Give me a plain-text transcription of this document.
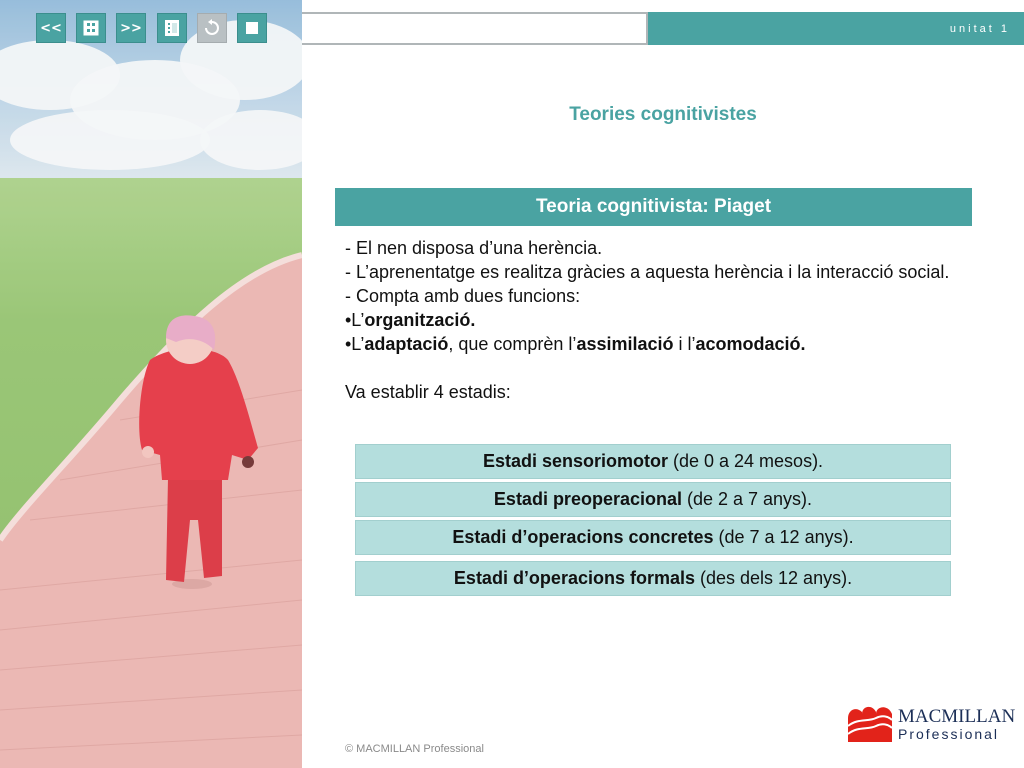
<<	>>	unitat 1
Teories cognitivistes
Teoria cognitivista: Piaget
- El nen disposa d’una herència.
- L’aprenentatge es realitza gràcies a aquesta herència i la interacció social.
- Compta amb dues funcions:
•L’organització.
•L’adaptació, que comprèn l’assimilació i l’acomodació.
Va establir 4 estadis:
Estadi sensoriomotor (de 0 a 24 mesos).
Estadi preoperacional (de 2 a 7 anys).
Estadi d’operacions concretes (de 7 a 12 anys).
Estadi d’operacions formals (des dels 12 anys).
© MACMILLAN Professional
MACMILLAN
Professional
